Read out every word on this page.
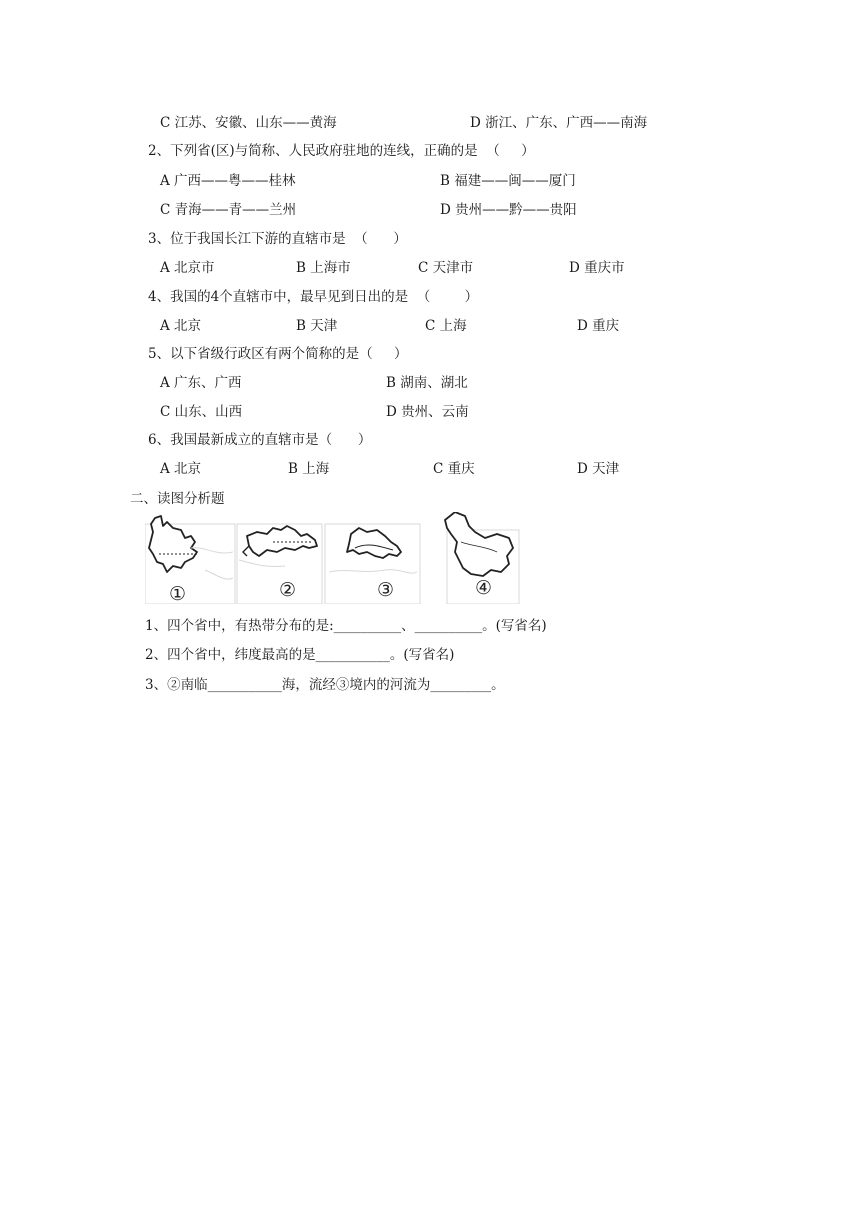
C 江苏、安徽、山东——黄海	D 浙江、广东、广西——南海
2、下列省(区)与简称、人民政府驻地的连线，正确的是  （     ）
A 广西——粤——桂林	B 福建——闽——厦门
C 青海——青——兰州	D 贵州——黔——贵阳
3、位于我国长江下游的直辖市是  （      ）
A 北京市	B 上海市	C 天津市	D 重庆市
4、我国的4个直辖市中，最早见到日出的是  （        ）
A 北京	B 天津	C 上海	D 重庆
5、以下省级行政区有两个简称的是（     ）
A 广东、广西	B 湖南、湖北
C 山东、山西	D 贵州、云南
6、我国最新成立的直辖市是（      ）
A 北京	B 上海	C 重庆	D 天津
二、读图分析题
①	②	③	④
1、四个省中，有热带分布的是:__________、__________。(写省名)
2、四个省中，纬度最高的是___________。(写省名)
3、②南临___________海，流经③境内的河流为_________。
